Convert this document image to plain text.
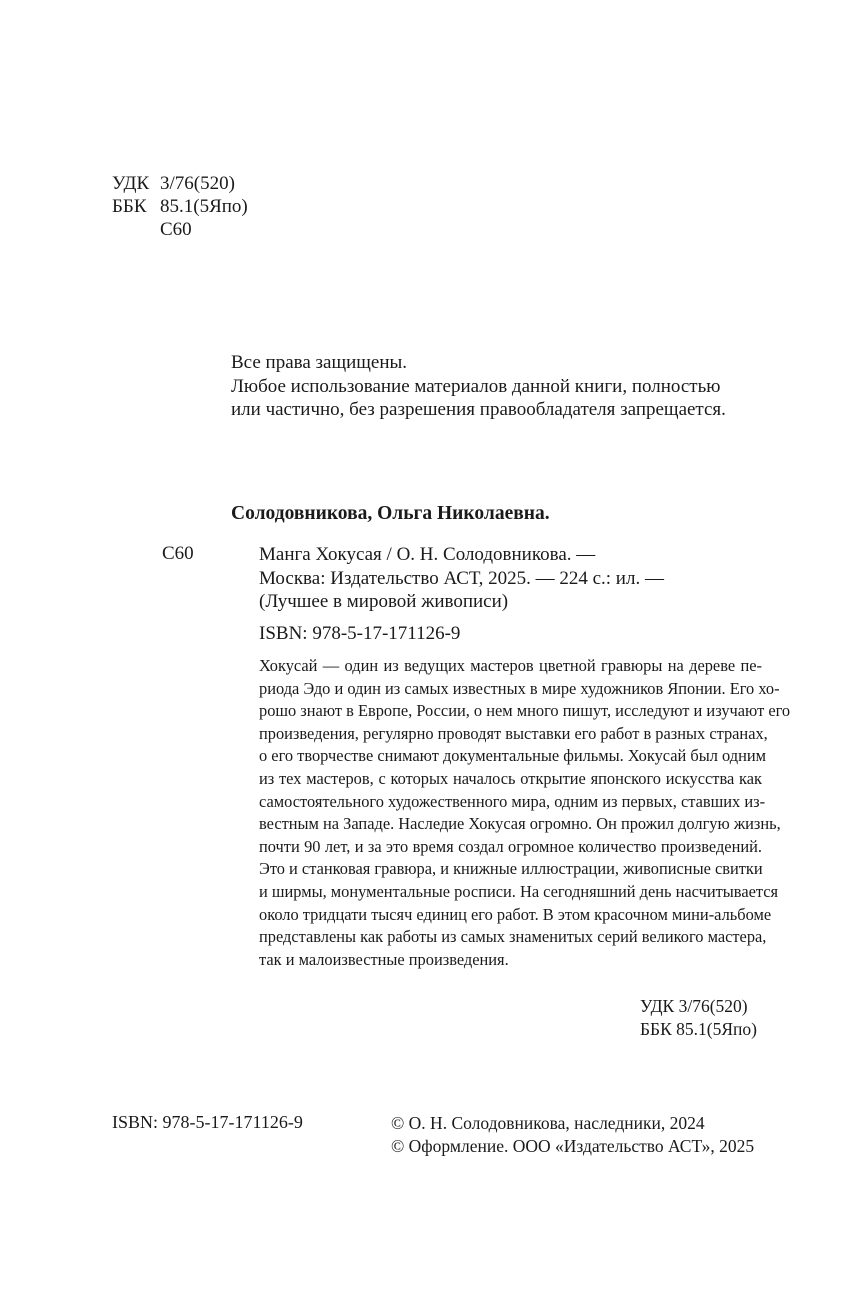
УДК 3/76(520)
ББК 85.1(5Япо)
С60
Все права защищены.
Любое использование материалов данной книги, полностью
или частично, без разрешения правообладателя запрещается.
Солодовникова, Ольга Николаевна.
С60	Манга Хокусая / О. Н. Солодовникова. —
Москва: Издательство АСТ, 2025. — 224 с.: ил. —
(Лучшее в мировой живописи)
ISBN: 978-5-17-171126-9
Хокусай — один из ведущих мастеров цветной гравюры на дереве пе-
риода Эдо и один из самых известных в мире художников Японии. Его хо-
рошо знают в Европе, России, о нем много пишут, исследуют и изучают его
произведения, регулярно проводят выставки его работ в разных странах,
о его творчестве снимают документальные фильмы. Хокусай был одним
из тех мастеров, с которых началось открытие японского искусства как
самостоятельного художественного мира, одним из первых, ставших из-
вестным на Западе. Наследие Хокусая огромно. Он прожил долгую жизнь,
почти 90 лет, и за это время создал огромное количество произведений.
Это и станковая гравюра, и книжные иллюстрации, живописные свитки
и ширмы, монументальные росписи. На сегодняшний день насчитывается
около тридцати тысяч единиц его работ. В этом красочном мини-альбоме
представлены как работы из самых знаменитых серий великого мастера,
так и малоизвестные произведения.
УДК 3/76(520)
ББК 85.1(5Япо)
ISBN: 978-5-17-171126-9	© О. Н. Солодовникова, наследники, 2024
© Оформление. ООО «Издательство АСТ», 2025
